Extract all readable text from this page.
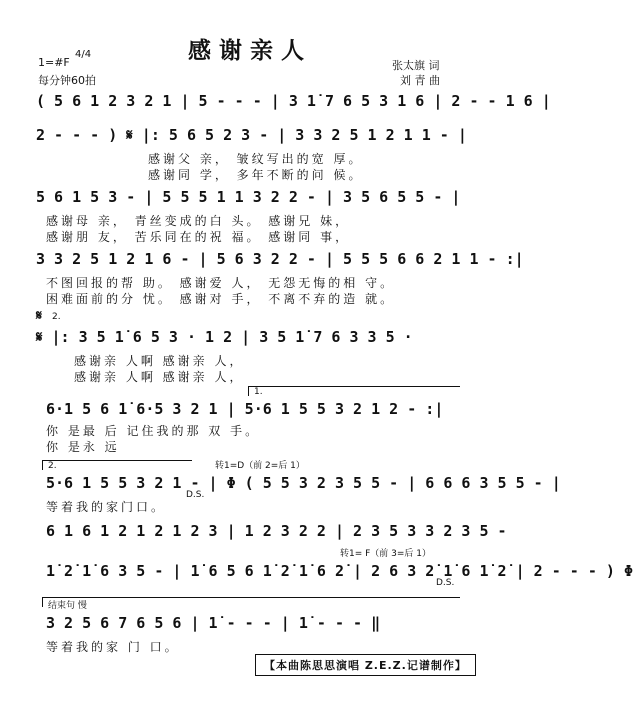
感谢亲人
1=#F
4/4
每分钟60拍
张太旗 词
刘 青 曲
( 5 6 1 2 3 2 1 | 5 - - - | 3 1̇ 7 6 5 3 1 6 | 2 - - 1 6 |
2 - - - ) 𝄋 |: 5 6 5 2 3 - | 3 3 2 5 1 2 1 1 - |
感谢父 亲， 皱纹写出的宽 厚。
感谢同 学， 多年不断的问 候。
5 6 1 5 3 - | 5 5 5 1 1 3 2 2 - | 3 5 6 5 5 - |
感谢母 亲， 青丝变成的白 头。 感谢兄 妹，
感谢朋 友， 苦乐同在的祝 福。 感谢同 事，
3 3 2 5 1 2 1 6 - | 5 6 3 2 2 - | 5 5 5 6 6 2 1 1 - :|
不图回报的帮 助。 感谢爱 人， 无怨无悔的相 守。
困难面前的分 忧。 感谢对 手， 不离不弃的造 就。
𝄋 2.
𝄋 |: 3 5 1̇ 6 5 3 · 1 2 | 3 5 1̇ 7 6 3 3 5 ·
感谢亲 人啊 感谢亲 人，
感谢亲 人啊 感谢亲 人，
1.
6·1 5 6 1̇ 6·5 3 2 1 | 5·6 1 5 5 3 2 1 2 - :|
你 是最 后 记住我的那 双 手。
你 是永 远
2.	转1=D（前 2=后 1）
5·6 1 5 5 3 2 1 - | Φ ( 5 5 3 2 3 5 5 - | 6 6 6 3 5 5 - |
D.S.
等着我的家门口。
6 1 6 1 2 1 2 1 2 3 | 1 2 3 2 2 | 2 3 5 3 3 2 3 5 -
转1= F（前 3=后 1）
1̇ 2̇ 1̇ 6 3 5 - | 1̇ 6 5 6 1̇ 2̇ 1̇ 6 2̇ | 2 6 3 2̇ 1̇ 6 1̇ 2̇ | 2 - - - ) Φ
D.S.
结束句 慢
3 2 5 6 7 6 5 6 | 1̇ - - - | 1̇ - - - ‖
等着我的家 门 口。
【本曲陈思思演唱 Z.E.Z.记谱制作】
